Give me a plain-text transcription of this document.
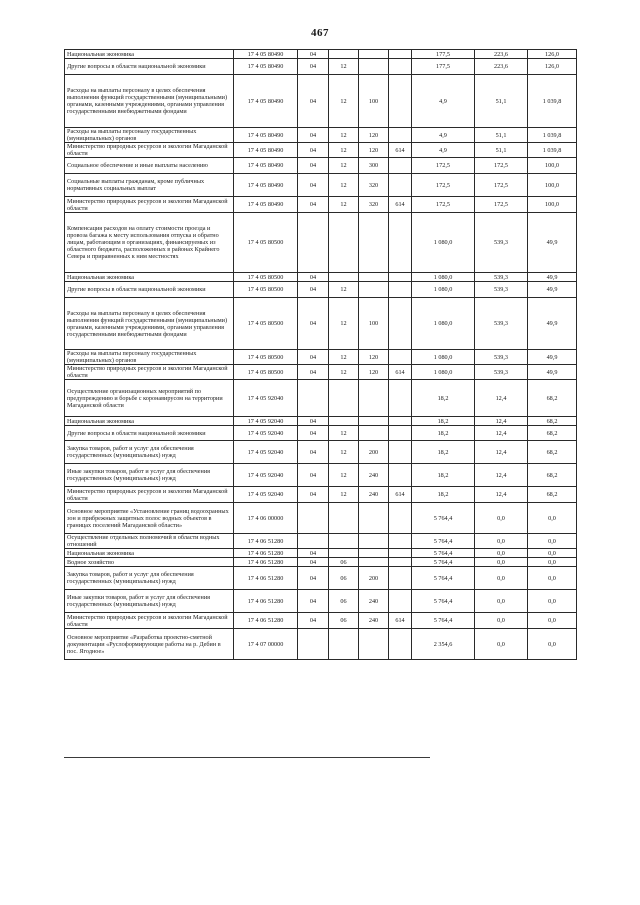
467
Национальная экономика	17 4 05 80490	04				177,5	223,6	126,0
Другие вопросы в области национальной экономики	17 4 05 80490	04	12			177,5	223,6	126,0
Расходы на выплаты персоналу в целях обеспечения выполнения функций государственными (муниципальными) органами, казенными учреждениями, органами управления государственными внебюджетными фондами	17 4 05 80490	04	12	100		4,9	51,1	1 039,8
Расходы на выплаты персоналу государственных (муниципальных) органов	17 4 05 80490	04	12	120		4,9	51,1	1 039,8
Министерство природных ресурсов и экологии Магаданской области	17 4 05 80490	04	12	120	614	4,9	51,1	1 039,8
Социальное обеспечение и иные выплаты населению	17 4 05 80490	04	12	300		172,5	172,5	100,0
Социальные выплаты гражданам, кроме публичных нормативных социальных выплат	17 4 05 80490	04	12	320		172,5	172,5	100,0
Министерство природных ресурсов и экологии Магаданской области	17 4 05 80490	04	12	320	614	172,5	172,5	100,0
Компенсация расходов на оплату стоимости проезда и провоза багажа к месту использования отпуска и обратно лицам, работающим в организациях, финансируемых из областного бюджета, расположенных в районах Крайнего Севера и приравненных к ним местностях	17 4 05 80500					1 080,0	539,3	49,9
Национальная экономика	17 4 05 80500	04				1 080,0	539,3	49,9
Другие вопросы в области национальной экономики	17 4 05 80500	04	12			1 080,0	539,3	49,9
Расходы на выплаты персоналу в целях обеспечения выполнения функций государственными (муниципальными) органами, казенными учреждениями, органами управления государственными внебюджетными фондами	17 4 05 80500	04	12	100		1 080,0	539,3	49,9
Расходы на выплаты персоналу государственных (муниципальных) органов	17 4 05 80500	04	12	120		1 080,0	539,3	49,9
Министерство природных ресурсов и экологии Магаданской области	17 4 05 80500	04	12	120	614	1 080,0	539,3	49,9
Осуществление организационных мероприятий по предупреждению и борьбе с коронавирусом на территории Магаданской области	17 4 05 92040					18,2	12,4	68,2
Национальная экономика	17 4 05 92040	04				18,2	12,4	68,2
Другие вопросы в области национальной экономики	17 4 05 92040	04	12			18,2	12,4	68,2
Закупка товаров, работ и услуг для обеспечения государственных (муниципальных) нужд	17 4 05 92040	04	12	200		18,2	12,4	68,2
Иные закупки товаров, работ и услуг для обеспечения государственных (муниципальных) нужд	17 4 05 92040	04	12	240		18,2	12,4	68,2
Министерство природных ресурсов и экологии Магаданской области	17 4 05 92040	04	12	240	614	18,2	12,4	68,2
Основное мероприятие «Установление границ водоохранных зон и прибрежных защитных полос водных объектов в границах поселений Магаданской области»	17 4 06 00000					5 764,4	0,0	0,0
Осуществление отдельных полномочий в области водных отношений	17 4 06 51280					5 764,4	0,0	0,0
Национальная экономика	17 4 06 51280	04				5 764,4	0,0	0,0
Водное хозяйство	17 4 06 51280	04	06			5 764,4	0,0	0,0
Закупка товаров, работ и услуг для обеспечения государственных (муниципальных) нужд	17 4 06 51280	04	06	200		5 764,4	0,0	0,0
Иные закупки товаров, работ и услуг для обеспечения государственных (муниципальных) нужд	17 4 06 51280	04	06	240		5 764,4	0,0	0,0
Министерство природных ресурсов и экологии Магаданской области	17 4 06 51280	04	06	240	614	5 764,4	0,0	0,0
Основное мероприятие «Разработка проектно-сметной документации «Руслоформирующие работы на р. Дебин в пос. Ягодное»	17 4 07 00000					2 354,6	0,0	0,0
